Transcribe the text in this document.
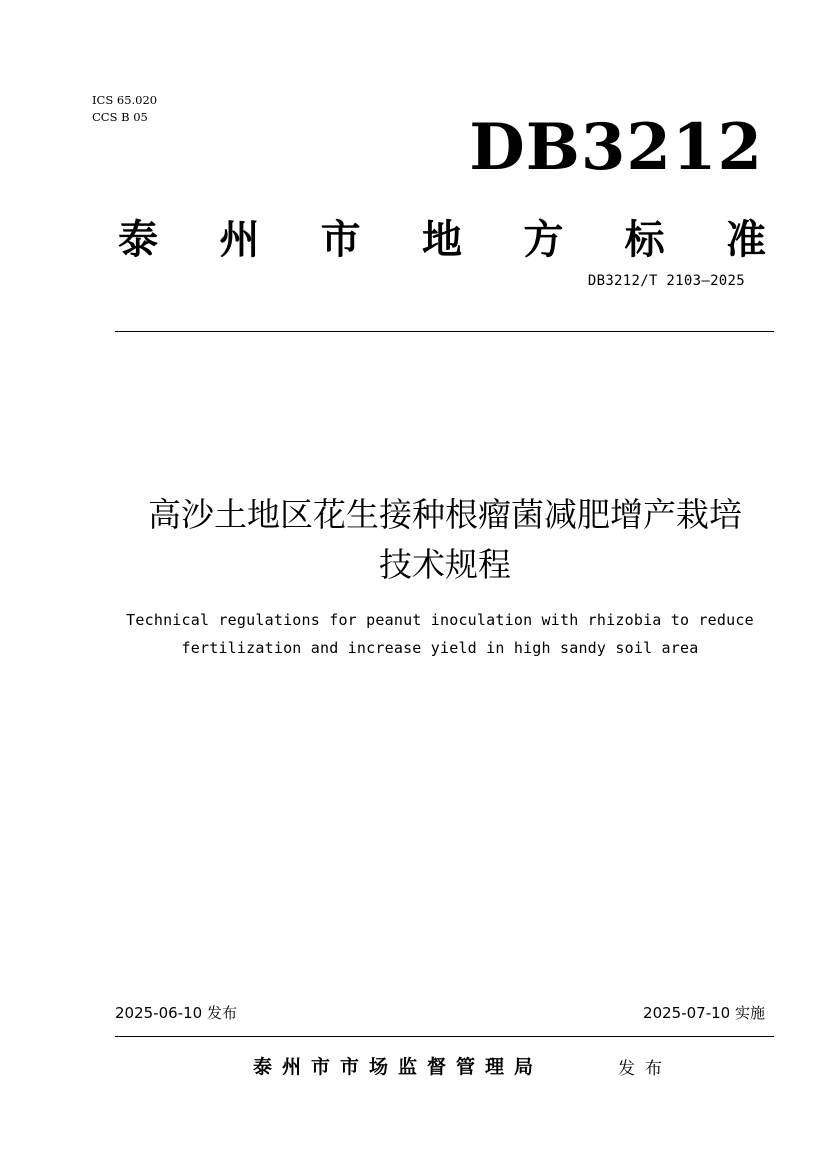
ICS 65.020
CCS B 05	DB3212
泰 州 市 地 方 标 准
DB3212/T 2103—2025
高沙土地区花生接种根瘤菌减肥增产栽培
技术规程
Technical regulations for peanut inoculation with rhizobia to reduce
fertilization and increase yield in high sandy soil area
2025-06-10 发布	2025-07-10 实施
泰州市市场监督管理局	发布
